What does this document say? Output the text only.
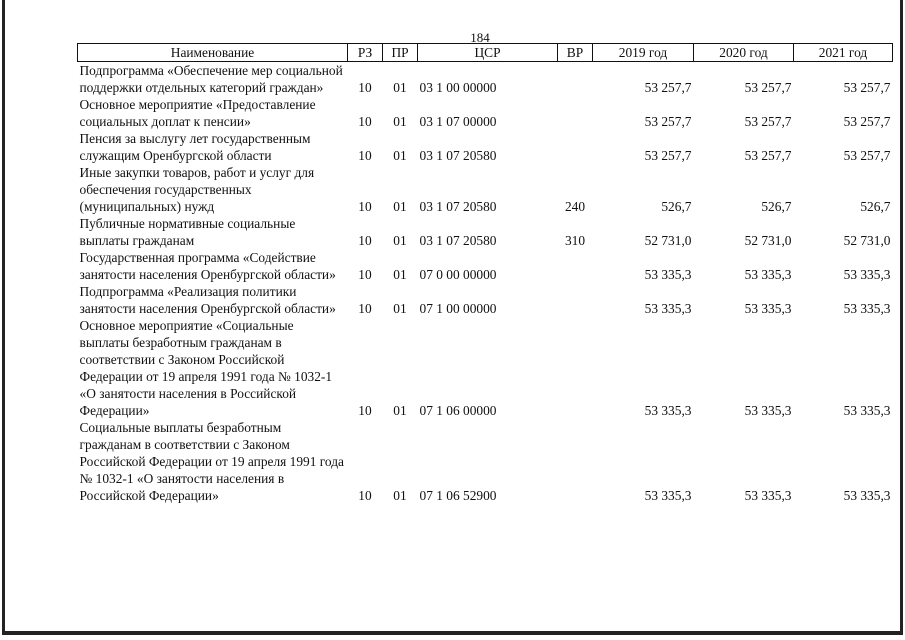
184
Наименование	РЗ	ПР	ЦСР	ВР	2019 год	2020 год	2021 год
Подпрограмма «Обеспечение мер социальной поддержки отдельных категорий граждан»	10	01	03 1 00 00000		53 257,7	53 257,7	53 257,7
Основное мероприятие «Предоставление социальных доплат к пенсии»	10	01	03 1 07 00000		53 257,7	53 257,7	53 257,7
Пенсия за выслугу лет государственным служащим Оренбургской области	10	01	03 1 07 20580		53 257,7	53 257,7	53 257,7
Иные закупки товаров, работ и услуг для обеспечения государственных (муниципальных) нужд	10	01	03 1 07 20580	240	526,7	526,7	526,7
Публичные нормативные социальные выплаты гражданам	10	01	03 1 07 20580	310	52 731,0	52 731,0	52 731,0
Государственная программа «Содействие занятости населения Оренбургской области»	10	01	07 0 00 00000		53 335,3	53 335,3	53 335,3
Подпрограмма «Реализация политики занятости населения Оренбургской области»	10	01	07 1 00 00000		53 335,3	53 335,3	53 335,3
Основное мероприятие «Социальные выплаты безработным гражданам в соответствии с Законом Российской Федерации от 19 апреля 1991 года № 1032-1 «О занятости населения в Российской Федерации»	10	01	07 1 06 00000		53 335,3	53 335,3	53 335,3
Социальные выплаты безработным гражданам в соответствии с Законом Российской Федерации от 19 апреля 1991 года № 1032-1 «О занятости населения в Российской Федерации»	10	01	07 1 06 52900		53 335,3	53 335,3	53 335,3
